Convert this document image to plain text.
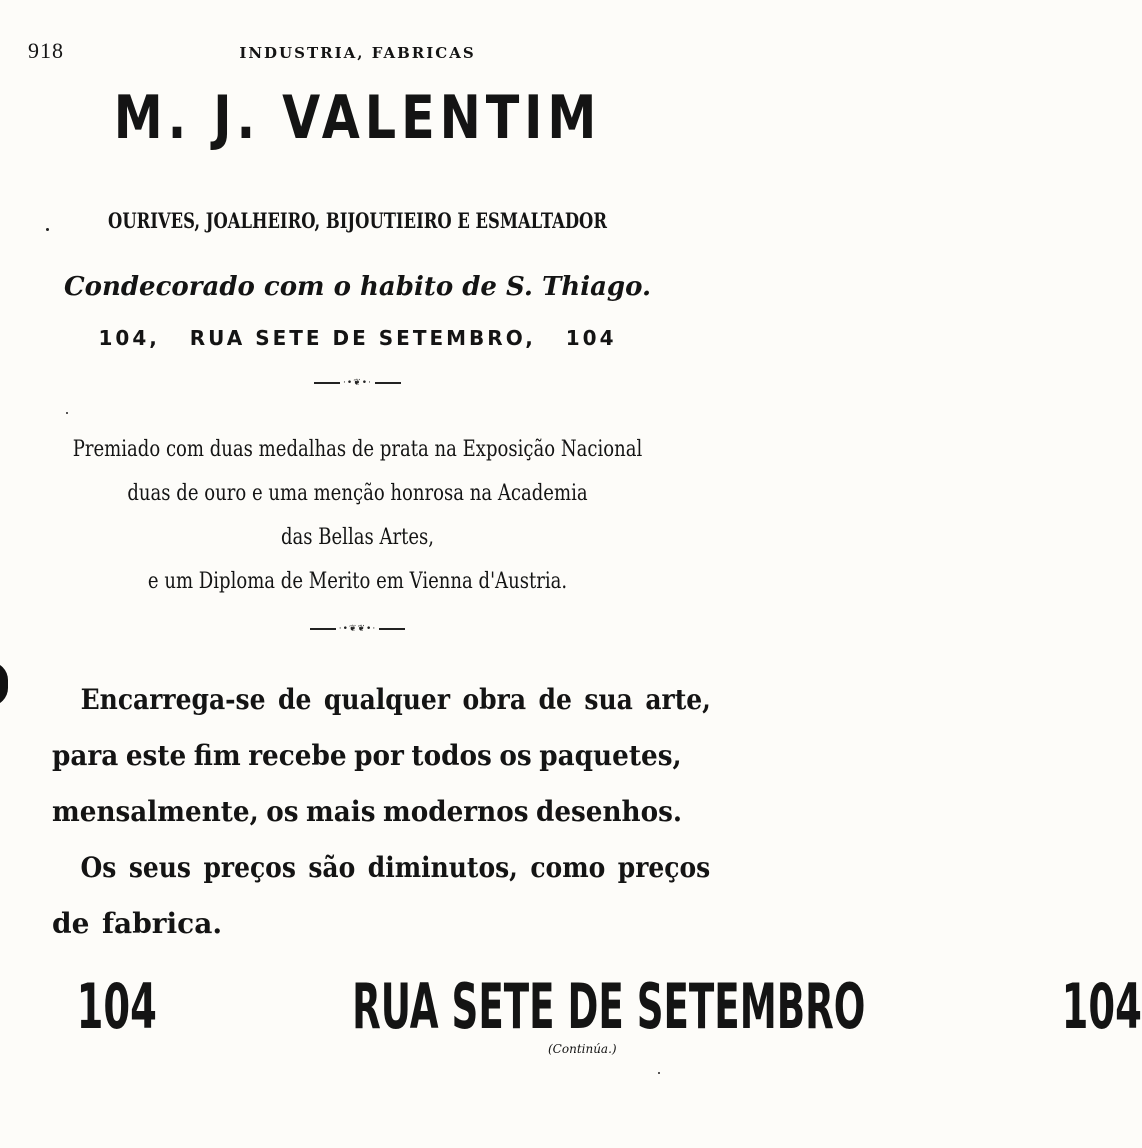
918	INDUSTRIA, FABRICAS
M. J. VALENTIM
OURIVES, JOALHEIRO, BIJOUTIEIRO E ESMALTADOR
Condecorado com o habito de S. Thiago.
104, RUA SETE DE SETEMBRO, 104
·•❦•·
Premiado com duas medalhas de prata na Exposição Nacional
duas de ouro e uma menção honrosa na Academia
das Bellas Artes,
e um Diploma de Merito em Vienna d'Austria.
·•❦❦•·
Encarrega-se de qualquer obra de sua arte,
para este fim recebe por todos os paquetes,
mensalmente, os mais modernos desenhos.
Os seus preços são diminutos, como preços
de fabrica.
104	RUA SETE DE SETEMBRO	104
(Continúa.)
